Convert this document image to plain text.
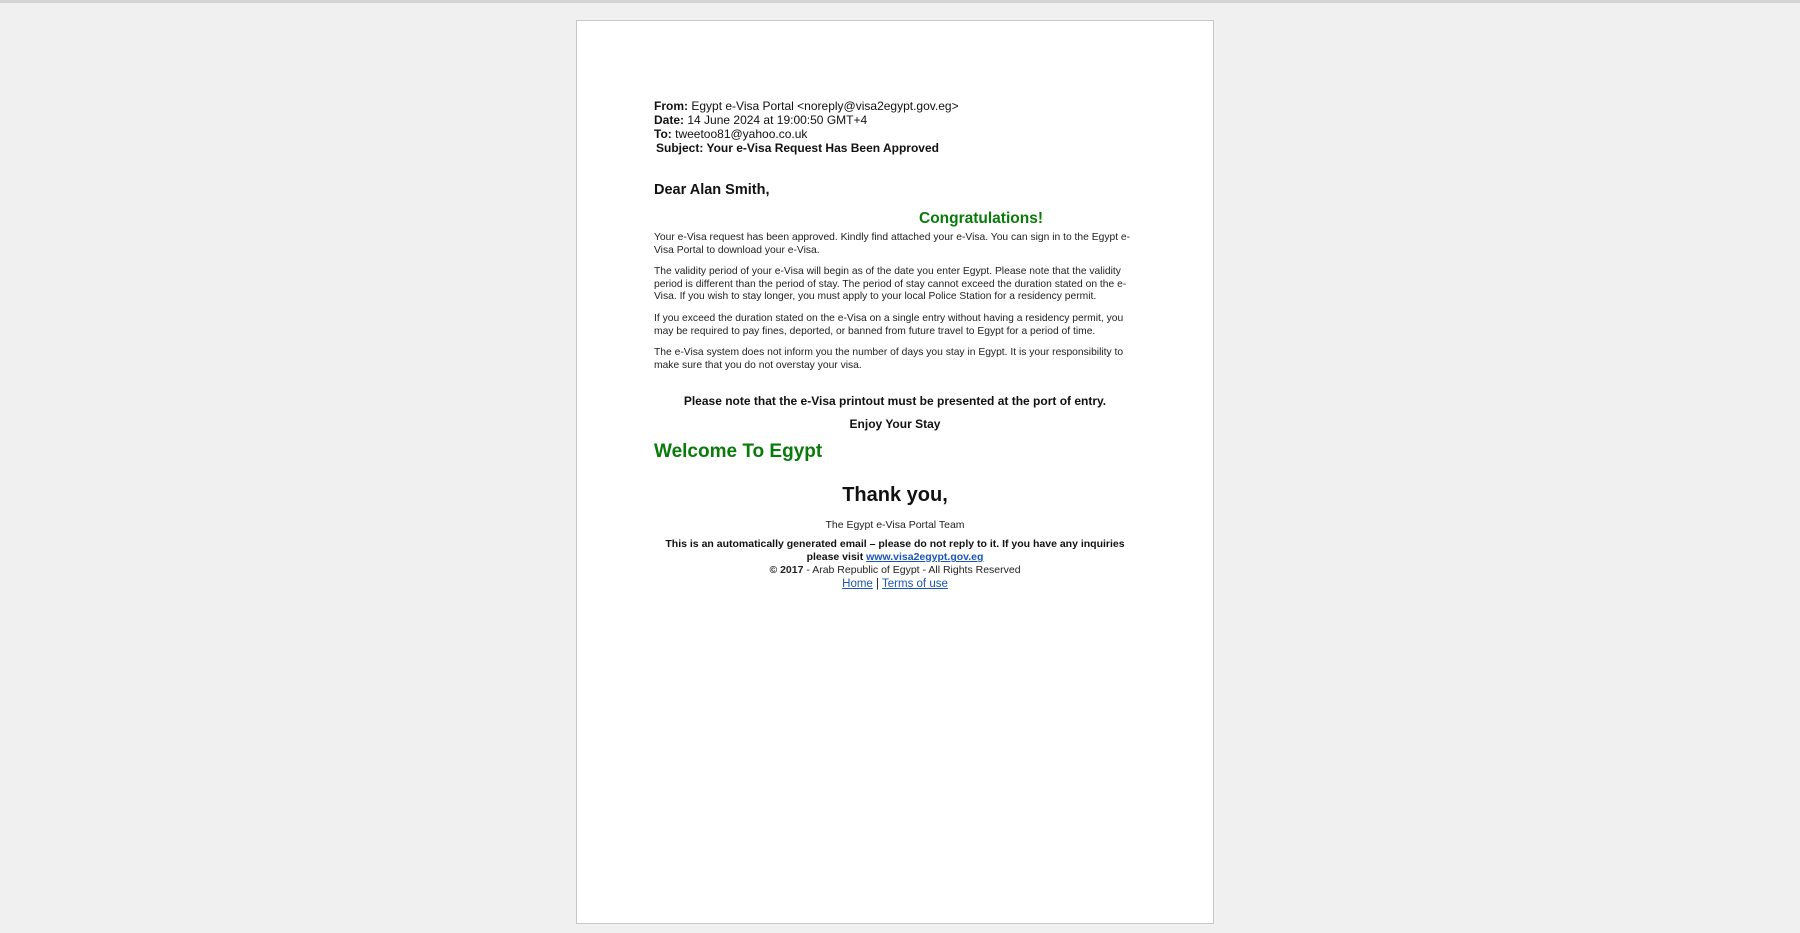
From: Egypt e-Visa Portal <noreply@visa2egypt.gov.eg>
Date: 14 June 2024 at 19:00:50 GMT+4
To: tweetoo81@yahoo.co.uk
Subject: Your e-Visa Request Has Been Approved
Dear Alan Smith,
Congratulations!
Your e-Visa request has been approved. Kindly find attached your e-Visa. You can sign in to the Egypt e-Visa Portal to download your e-Visa.
The validity period of your e-Visa will begin as of the date you enter Egypt. Please note that the validity period is different than the period of stay. The period of stay cannot exceed the duration stated on the e-Visa. If you wish to stay longer, you must apply to your local Police Station for a residency permit.
If you exceed the duration stated on the e-Visa on a single entry without having a residency permit, you may be required to pay fines, deported, or banned from future travel to Egypt for a period of time.
The e-Visa system does not inform you the number of days you stay in Egypt. It is your responsibility to make sure that you do not overstay your visa.
Please note that the e-Visa printout must be presented at the port of entry.
Enjoy Your Stay
Welcome To Egypt
Thank you,
The Egypt e-Visa Portal Team
This is an automatically generated email – please do not reply to it. If you have any inquiries please visit www.visa2egypt.gov.eg
© 2017 - Arab Republic of Egypt - All Rights Reserved
Home | Terms of use
